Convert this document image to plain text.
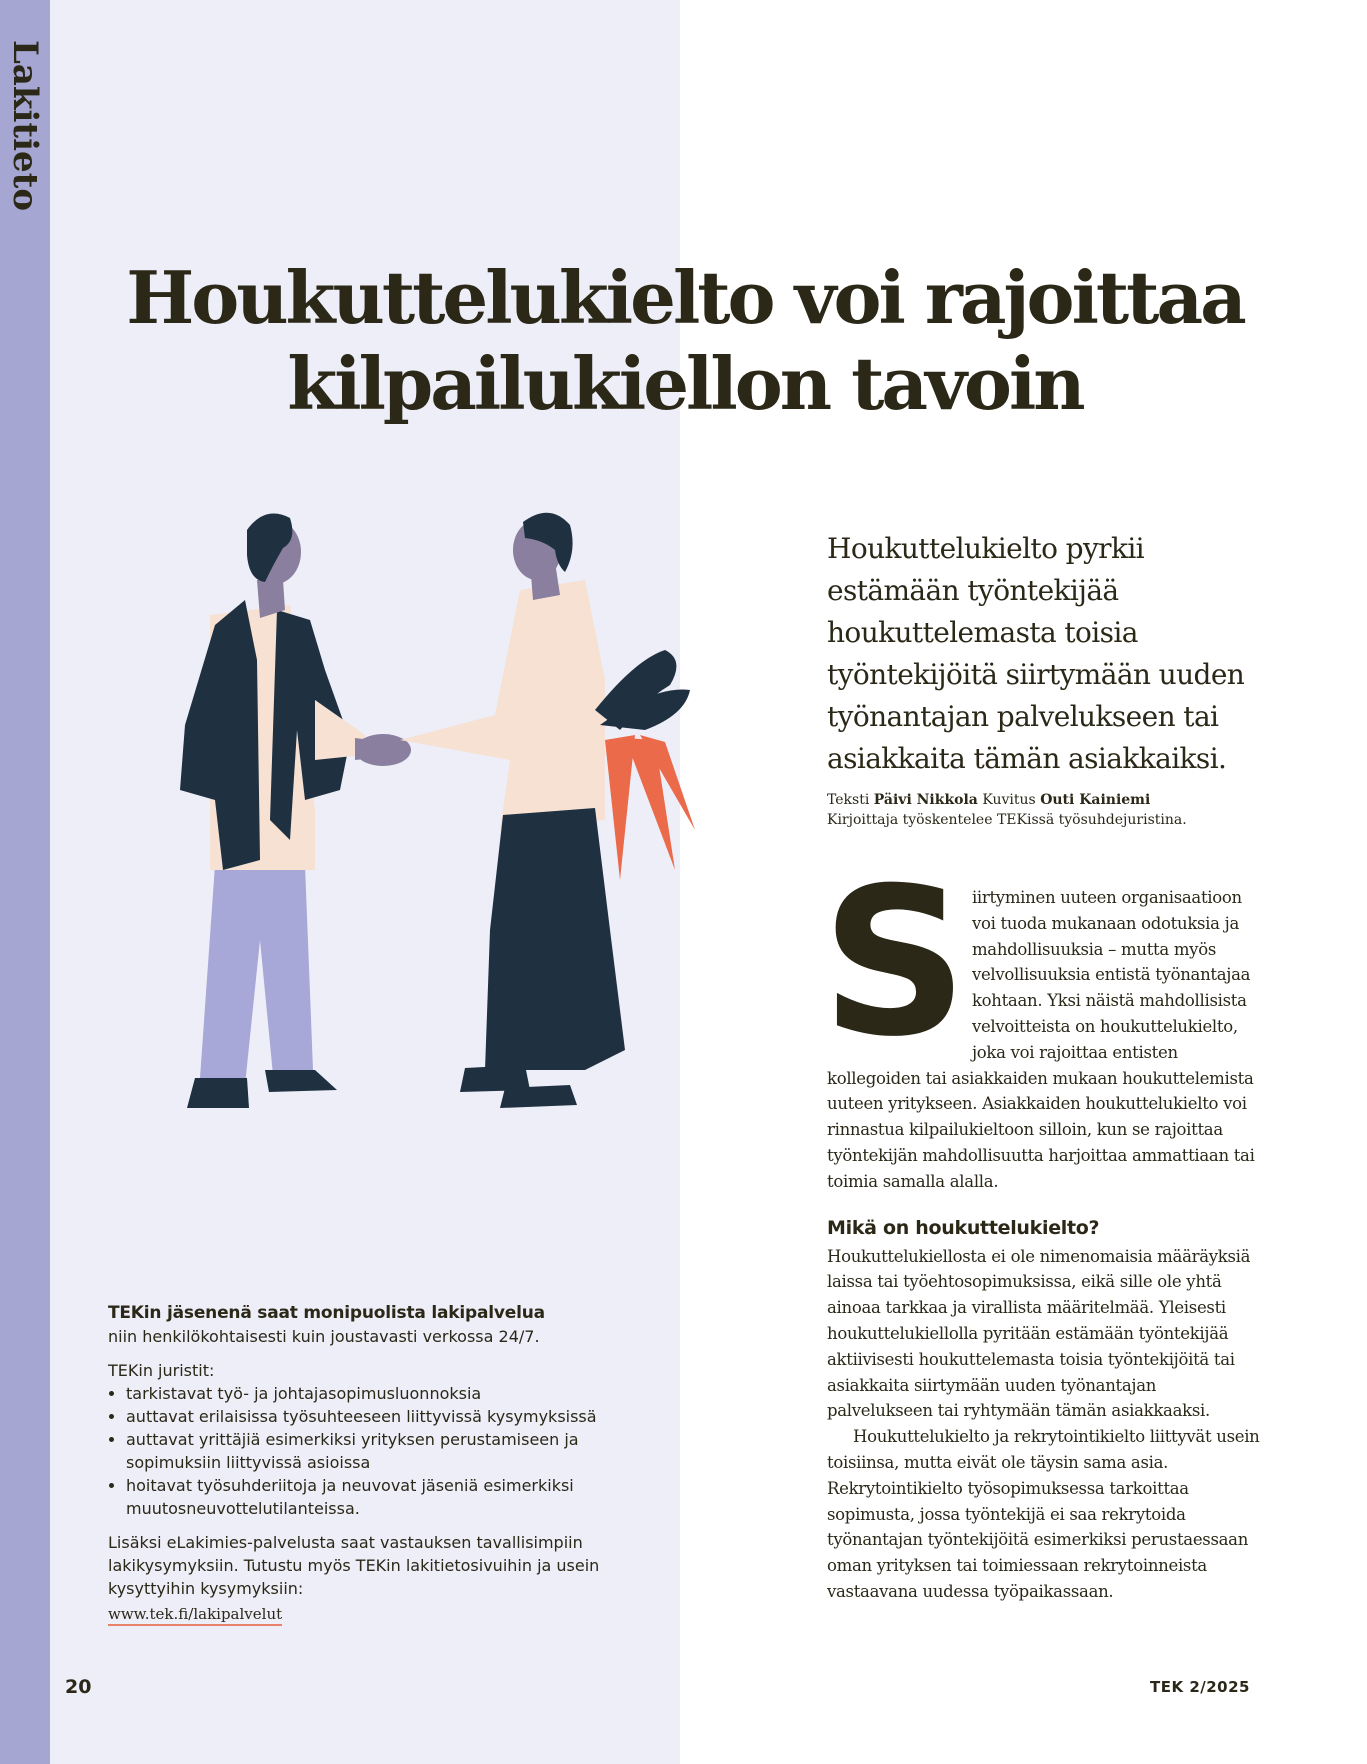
Lakitieto
Houkuttelukielto voi rajoittaa kilpailukiellon tavoin

Houkuttelukielto pyrkii estämään työntekijää houkuttelemasta toisia työntekijöitä siirtymään uuden työnantajan palvelukseen tai asiakkaita tämän asiakkaiksi.

Teksti Päivi Nikkola Kuvitus Outi Kainiemi
Kirjoittaja työskentelee TEKissä työsuhdejuristina.

Siirtyminen uuteen organisaatioon voi tuoda mukanaan odotuksia ja mahdollisuuksia – mutta myös velvollisuuksia entistä työnantajaa kohtaan. Yksi näistä mahdollisista velvoitteista on houkuttelukielto, joka voi rajoittaa entisten kollegoiden tai asiakkaiden mukaan houkuttelemista uuteen yritykseen. Asiakkaiden houkuttelukielto voi rinnastua kilpailukieltoon silloin, kun se rajoittaa työntekijän mahdollisuutta harjoittaa ammattiaan tai toimia samalla alalla.

Mikä on houkuttelukielto?

Houkuttelukiellosta ei ole nimenomaisia määräyksiä laissa tai työehtosopimuksissa, eikä sille ole yhtä ainoaa tarkkaa ja virallista määritelmää. Yleisesti houkuttelukiellolla pyritään estämään työntekijää aktiivisesti houkuttelemasta toisia työntekijöitä tai asiakkaita siirtymään uuden työnantajan palvelukseen tai ryhtymään tämän asiakkaaksi.

Houkuttelukielto ja rekrytointikielto liittyvät usein toisiinsa, mutta eivät ole täysin sama asia. Rekrytointikielto työsopimuksessa tarkoittaa sopimusta, jossa työntekijä ei saa rekrytoida työnantajan työntekijöitä esimerkiksi perustaessaan oman yrityksen tai toimiessaan rekrytoinneista vastaavana uudessa työpaikassaan.

TEKin jäsenenä saat monipuolista lakipalvelua

niin henkilökohtaisesti kuin joustavasti verkossa 24/7.

TEKin juristit:

• tarkistavat työ- ja johtajasopimusluonnoksia
• auttavat erilaisissa työsuhteeseen liittyvissä kysymyksissä
• auttavat yrittäjiä esimerkiksi yrityksen perustamiseen ja sopimuksiin liittyvissä asioissa
• hoitavat työsuhderiitoja ja neuvovat jäseniä esimerkiksi muutosneuvottelutilanteissa.

Lisäksi eLakimies-palvelusta saat vastauksen tavallisimpiin lakikysymyksiin. Tutustu myös TEKin lakitietosivuihin ja usein kysyttyihin kysymyksiin:

www.tek.fi/lakipalvelut
20	TEK 2/2025
